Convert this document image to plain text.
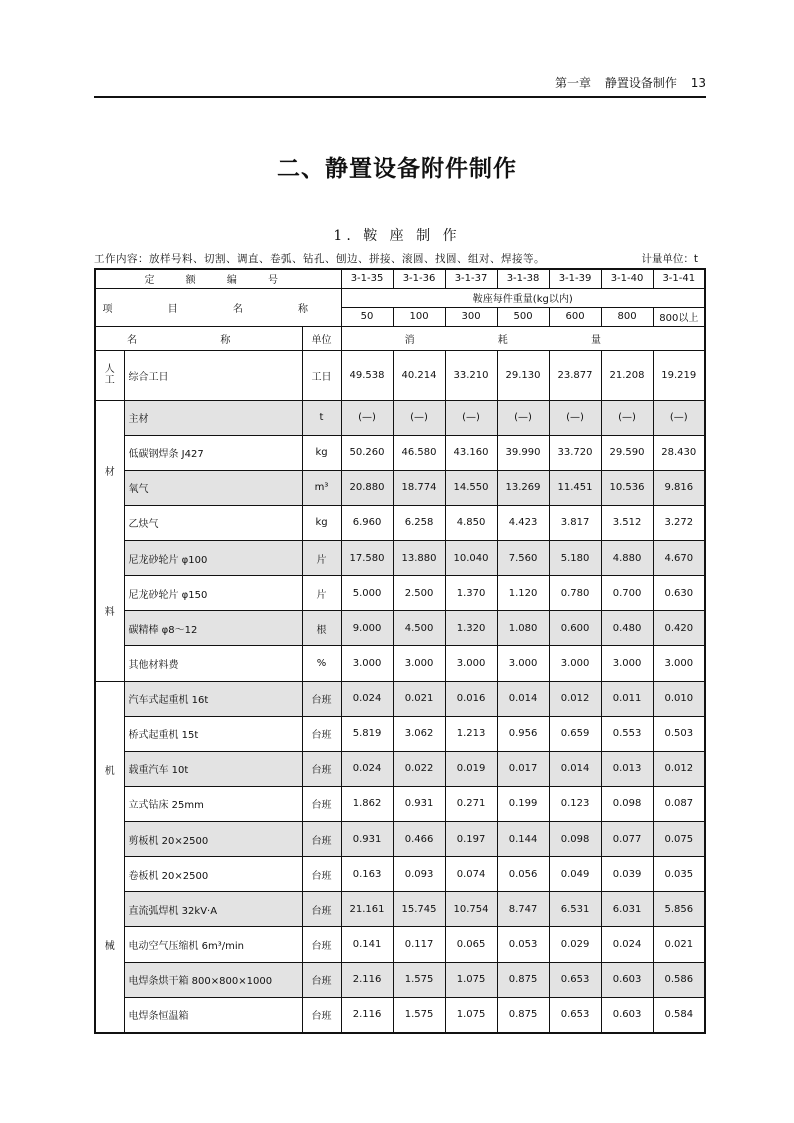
第一章 静置设备制作 13
二、静置设备附件制作
1. 鞍 座 制 作
工作内容：放样号料、切割、调直、卷弧、钻孔、刨边、拼接、滚圆、找圆、组对、焊接等。	计量单位：t
定 额 编 号			3-1-35	3-1-36	3-1-37	3-1-38	3-1-39	3-1-40	3-1-41
项 目 名 称			鞍座每件重量(kg以内)						
			50	100	300	500	600	800	800以上
名 称		单位	消 耗 量						

人
工	综合工日	工日	49.538	40.214	33.210	29.130	23.877	21.208	19.219

材
料	主材	t	(—)	(—)	(—)	(—)	(—)	(—)	(—)
	低碳钢焊条 J427	kg	50.260	46.580	43.160	39.990	33.720	29.590	28.430
	氧气	m³	20.880	18.774	14.550	13.269	11.451	10.536	9.816
	乙炔气	kg	6.960	6.258	4.850	4.423	3.817	3.512	3.272
	尼龙砂轮片 φ100	片	17.580	13.880	10.040	7.560	5.180	4.880	4.670
	尼龙砂轮片 φ150	片	5.000	2.500	1.370	1.120	0.780	0.700	0.630
	碳精棒 φ8～12	根	9.000	4.500	1.320	1.080	0.600	0.480	0.420
	其他材料费	%	3.000	3.000	3.000	3.000	3.000	3.000	3.000

机
械	汽车式起重机 16t	台班	0.024	0.021	0.016	0.014	0.012	0.011	0.010
	桥式起重机 15t	台班	5.819	3.062	1.213	0.956	0.659	0.553	0.503
	载重汽车 10t	台班	0.024	0.022	0.019	0.017	0.014	0.013	0.012
	立式钻床 25mm	台班	1.862	0.931	0.271	0.199	0.123	0.098	0.087
	剪板机 20×2500	台班	0.931	0.466	0.197	0.144	0.098	0.077	0.075
	卷板机 20×2500	台班	0.163	0.093	0.074	0.056	0.049	0.039	0.035
	直流弧焊机 32kV·A	台班	21.161	15.745	10.754	8.747	6.531	6.031	5.856
	电动空气压缩机 6m³/min	台班	0.141	0.117	0.065	0.053	0.029	0.024	0.021
	电焊条烘干箱 800×800×1000	台班	2.116	1.575	1.075	0.875	0.653	0.603	0.586
	电焊条恒温箱	台班	2.116	1.575	1.075	0.875	0.653	0.603	0.584
